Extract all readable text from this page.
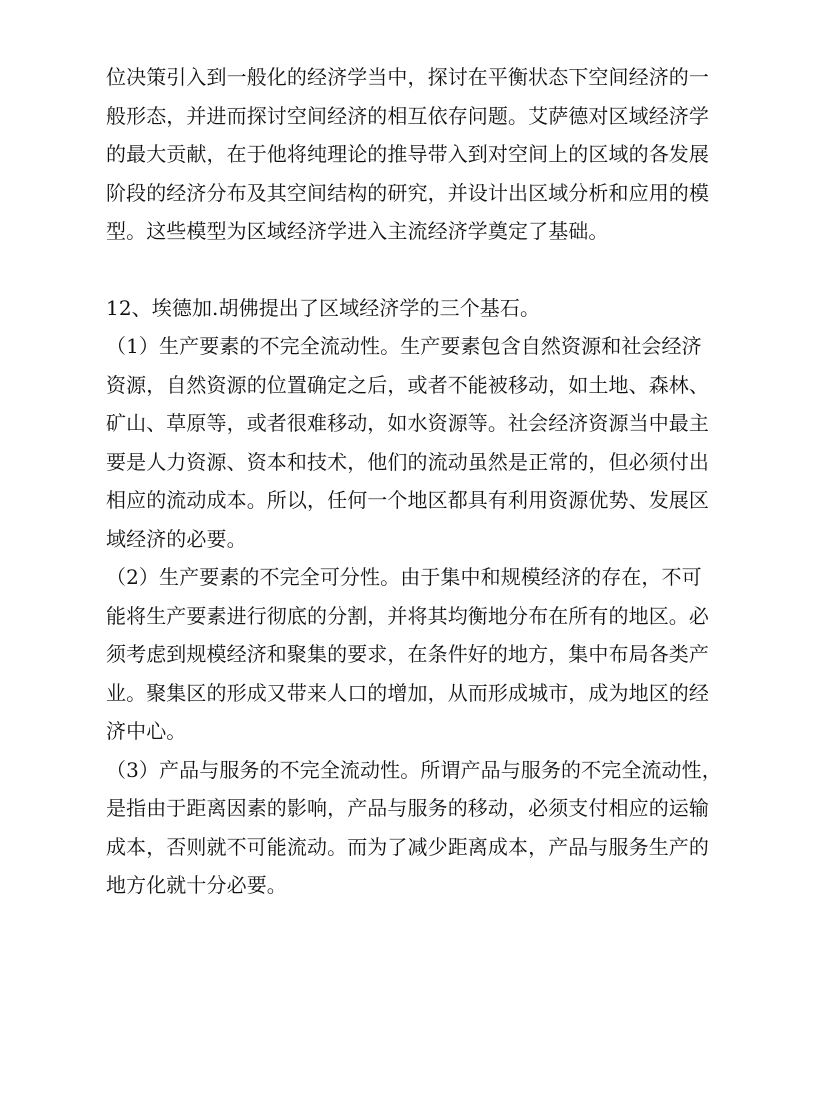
位决策引入到一般化的经济学当中，探讨在平衡状态下空间经济的一
般形态，并进而探讨空间经济的相互依存问题。艾萨德对区域经济学
的最大贡献，在于他将纯理论的推导带入到对空间上的区域的各发展
阶段的经济分布及其空间结构的研究，并设计出区域分析和应用的模
型。这些模型为区域经济学进入主流经济学奠定了基础。
12、埃德加.胡佛提出了区域经济学的三个基石。
（1）生产要素的不完全流动性。生产要素包含自然资源和社会经济
资源，自然资源的位置确定之后，或者不能被移动，如土地、森林、
矿山、草原等，或者很难移动，如水资源等。社会经济资源当中最主
要是人力资源、资本和技术，他们的流动虽然是正常的，但必须付出
相应的流动成本。所以，任何一个地区都具有利用资源优势、发展区
域经济的必要。
（2）生产要素的不完全可分性。由于集中和规模经济的存在，不可
能将生产要素进行彻底的分割，并将其均衡地分布在所有的地区。必
须考虑到规模经济和聚集的要求，在条件好的地方，集中布局各类产
业。聚集区的形成又带来人口的增加，从而形成城市，成为地区的经
济中心。
（3）产品与服务的不完全流动性。所谓产品与服务的不完全流动性，
是指由于距离因素的影响，产品与服务的移动，必须支付相应的运输
成本，否则就不可能流动。而为了减少距离成本，产品与服务生产的
地方化就十分必要。
